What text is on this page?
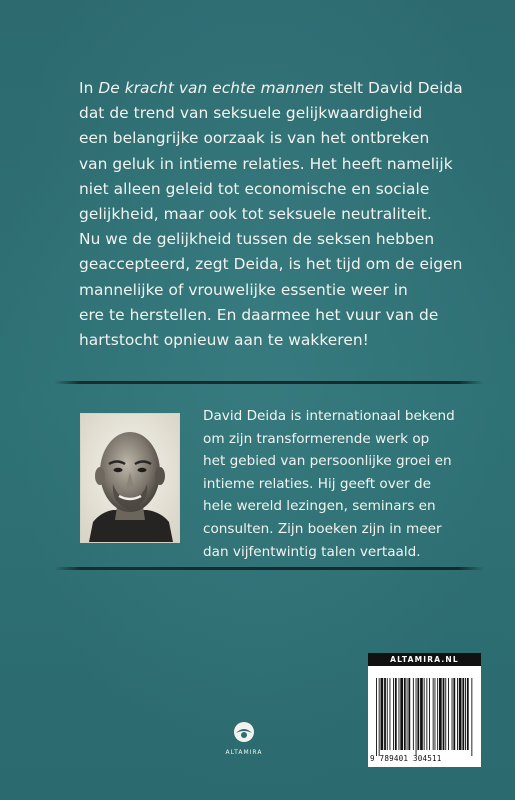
In De kracht van echte mannen stelt David Deida
dat de trend van seksuele gelijkwaardigheid
een belangrijke oorzaak is van het ontbreken
van geluk in intieme relaties. Het heeft namelijk
niet alleen geleid tot economische en sociale
gelijkheid, maar ook tot seksuele neutraliteit.
Nu we de gelijkheid tussen de seksen hebben
geaccepteerd, zegt Deida, is het tijd om de eigen
mannelijke of vrouwelijke essentie weer in
ere te herstellen. En daarmee het vuur van de
hartstocht opnieuw aan te wakkeren!
David Deida is internationaal bekend
om zijn transformerende werk op
het gebied van persoonlijke groei en
intieme relaties. Hij geeft over de
hele wereld lezingen, seminars en
consulten. Zijn boeken zijn in meer
dan vijfentwintig talen vertaald.
ALTAMIRA
ALTAMIRA.NL
9 789401 304511
